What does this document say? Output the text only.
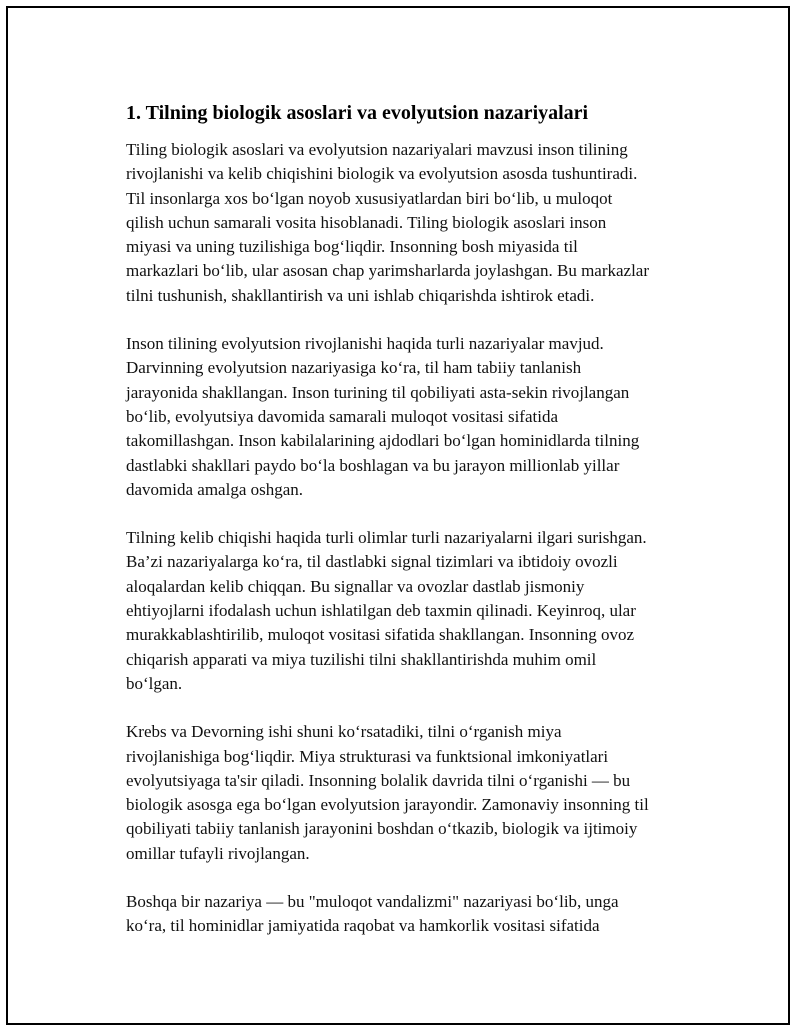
1. Tilning biologik asoslari va evolyutsion nazariyalari

Tiling biologik asoslari va evolyutsion nazariyalari mavzusi inson tilining
rivojlanishi va kelib chiqishini biologik va evolyutsion asosda tushuntiradi.
Til insonlarga xos bo‘lgan noyob xususiyatlardan biri bo‘lib, u muloqot
qilish uchun samarali vosita hisoblanadi. Tiling biologik asoslari inson
miyasi va uning tuzilishiga bog‘liqdir. Insonning bosh miyasida til
markazlari bo‘lib, ular asosan chap yarimsharlarda joylashgan. Bu markazlar
tilni tushunish, shakllantirish va uni ishlab chiqarishda ishtirok etadi.

Inson tilining evolyutsion rivojlanishi haqida turli nazariyalar mavjud.
Darvinning evolyutsion nazariyasiga ko‘ra, til ham tabiiy tanlanish
jarayonida shakllangan. Inson turining til qobiliyati asta-sekin rivojlangan
bo‘lib, evolyutsiya davomida samarali muloqot vositasi sifatida
takomillashgan. Inson kabilalarining ajdodlari bo‘lgan hominidlarda tilning
dastlabki shakllari paydo bo‘la boshlagan va bu jarayon millionlab yillar
davomida amalga oshgan.

Tilning kelib chiqishi haqida turli olimlar turli nazariyalarni ilgari surishgan.
Ba’zi nazariyalarga ko‘ra, til dastlabki signal tizimlari va ibtidoiy ovozli
aloqalardan kelib chiqqan. Bu signallar va ovozlar dastlab jismoniy
ehtiyojlarni ifodalash uchun ishlatilgan deb taxmin qilinadi. Keyinroq, ular
murakkablashtirilib, muloqot vositasi sifatida shakllangan. Insonning ovoz
chiqarish apparati va miya tuzilishi tilni shakllantirishda muhim omil
bo‘lgan.

Krebs va Devorning ishi shuni ko‘rsatadiki, tilni o‘rganish miya
rivojlanishiga bog‘liqdir. Miya strukturasi va funktsional imkoniyatlari
evolyutsiyaga ta'sir qiladi. Insonning bolalik davrida tilni o‘rganishi — bu
biologik asosga ega bo‘lgan evolyutsion jarayondir. Zamonaviy insonning til
qobiliyati tabiiy tanlanish jarayonini boshdan o‘tkazib, biologik va ijtimoiy
omillar tufayli rivojlangan.

Boshqa bir nazariya — bu "muloqot vandalizmi" nazariyasi bo‘lib, unga
ko‘ra, til hominidlar jamiyatida raqobat va hamkorlik vositasi sifatida
